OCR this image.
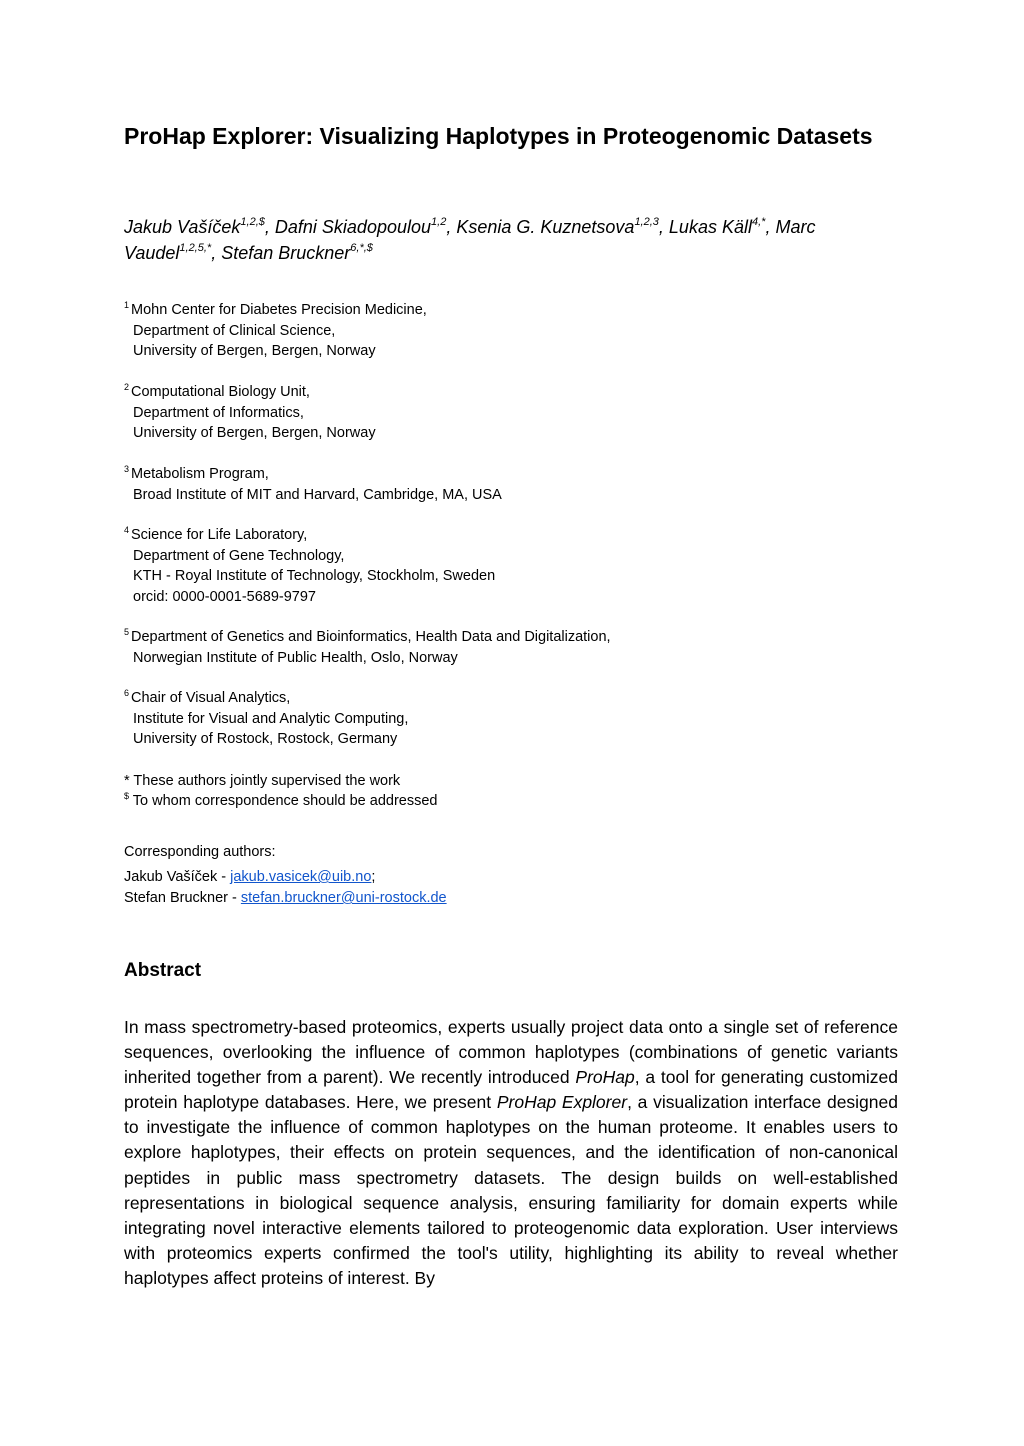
ProHap Explorer: Visualizing Haplotypes in Proteogenomic Datasets
Jakub Vašíček$^{1,2,\$}$, Dafni Skiadopoulou$^{1,2}$, Ksenia G. Kuznetsova$^{1,2,3}$, Lukas Käll$^{4,*}$, Marc Vaudel$^{1,2,5,*}$, Stefan Bruckner$^{6,*,\$}$
$^1$ Mohn Center for Diabetes Precision Medicine,
Department of Clinical Science,
University of Bergen, Bergen, Norway
$^2$ Computational Biology Unit,
Department of Informatics,
University of Bergen, Bergen, Norway
$^3$ Metabolism Program,
Broad Institute of MIT and Harvard, Cambridge, MA, USA
$^4$ Science for Life Laboratory,
Department of Gene Technology,
KTH - Royal Institute of Technology, Stockholm, Sweden
orcid: 0000-0001-5689-9797
$^5$ Department of Genetics and Bioinformatics, Health Data and Digitalization,
Norwegian Institute of Public Health, Oslo, Norway
$^6$ Chair of Visual Analytics,
Institute for Visual and Analytic Computing,
University of Rostock, Rostock, Germany
* These authors jointly supervised the work
$ To whom correspondence should be addressed
Corresponding authors:
Jakub Vašíček - jakub.vasicek@uib.no;
Stefan Bruckner - stefan.bruckner@uni-rostock.de
Abstract

In mass spectrometry-based proteomics, experts usually project data onto a single set of reference sequences, overlooking the influence of common haplotypes (combinations of genetic variants inherited together from a parent). We recently introduced ProHap, a tool for generating customized protein haplotype databases. Here, we present ProHap Explorer, a visualization interface designed to investigate the influence of common haplotypes on the human proteome. It enables users to explore haplotypes, their effects on protein sequences, and the identification of non-canonical peptides in public mass spectrometry datasets. The design builds on well-established representations in biological sequence analysis, ensuring familiarity for domain experts while integrating novel interactive elements tailored to proteogenomic data exploration. User interviews with proteomics experts confirmed the tool's utility, highlighting its ability to reveal whether haplotypes affect proteins of interest. By
